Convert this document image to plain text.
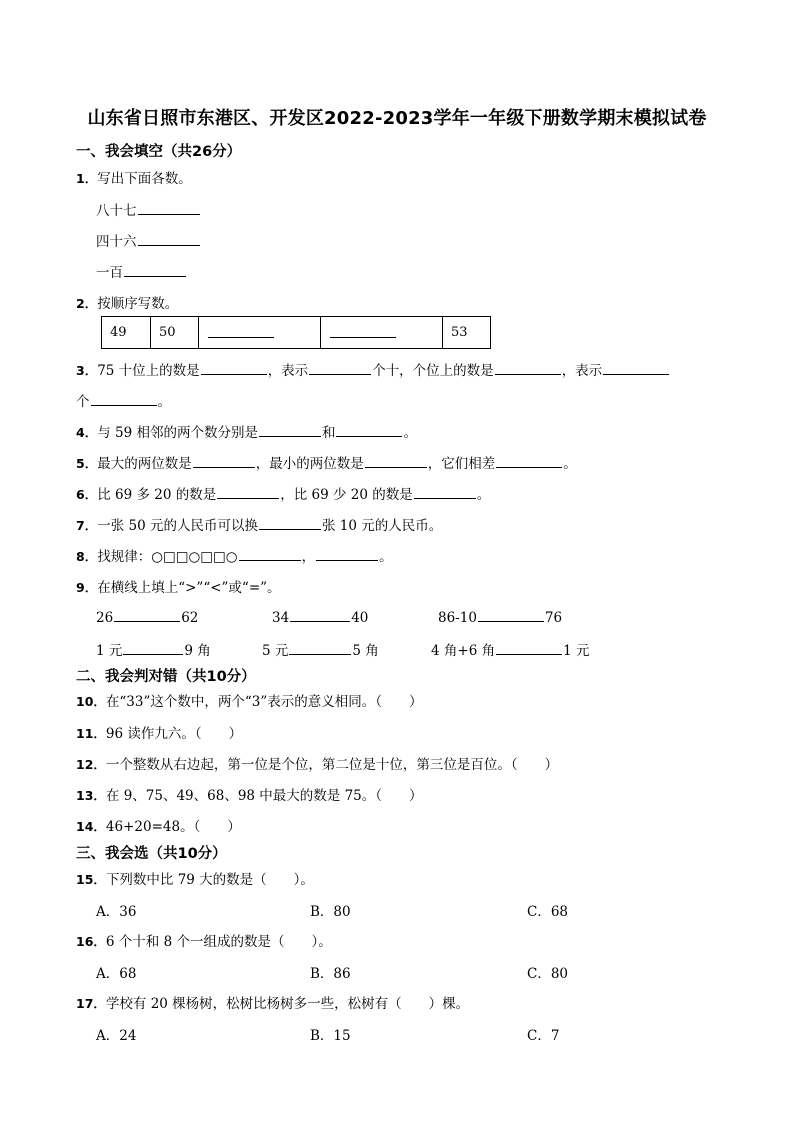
山东省日照市东港区、开发区2022-2023学年一年级下册数学期末模拟试卷
一、我会填空（共26分）
1．写出下面各数。
八十七
四十六
一百
2．按顺序写数。
49	50			53
3．75 十位上的数是	，表示	个十，个位上的数是	，表示
个	。
4．与 59 相邻的两个数分别是	和	。
5．最大的两位数是	，最小的两位数是	，它们相差	。
6．比 69 多 20 的数是	，比 69 少 20 的数是	。
7．一张 50 元的人民币可以换	张 10 元的人民币。
8．找规律：○□□○□□○	，	。
9．在横线上填上“>”“<”或“=”。
26	62	34	40	86-10	76
1 元	9 角	5 元	5 角	4 角+6 角	1 元
二、我会判对错（共10分）
10．在“33”这个数中，两个“3”表示的意义相同。（　　）
11．96 读作九六。（　　）
12．一个整数从右边起，第一位是个位，第二位是十位，第三位是百位。（　　）
13．在 9、75、49、68、98 中最大的数是 75。（　　）
14．46+20=48。（　　）
三、我会选（共10分）
15．下列数中比 79 大的数是（　　）。
A．36	B．80	C．68
16．6 个十和 8 个一组成的数是（　　）。
A．68	B．86	C．80
17．学校有 20 棵杨树，松树比杨树多一些，松树有（　　）棵。
A．24	B．15	C．7
